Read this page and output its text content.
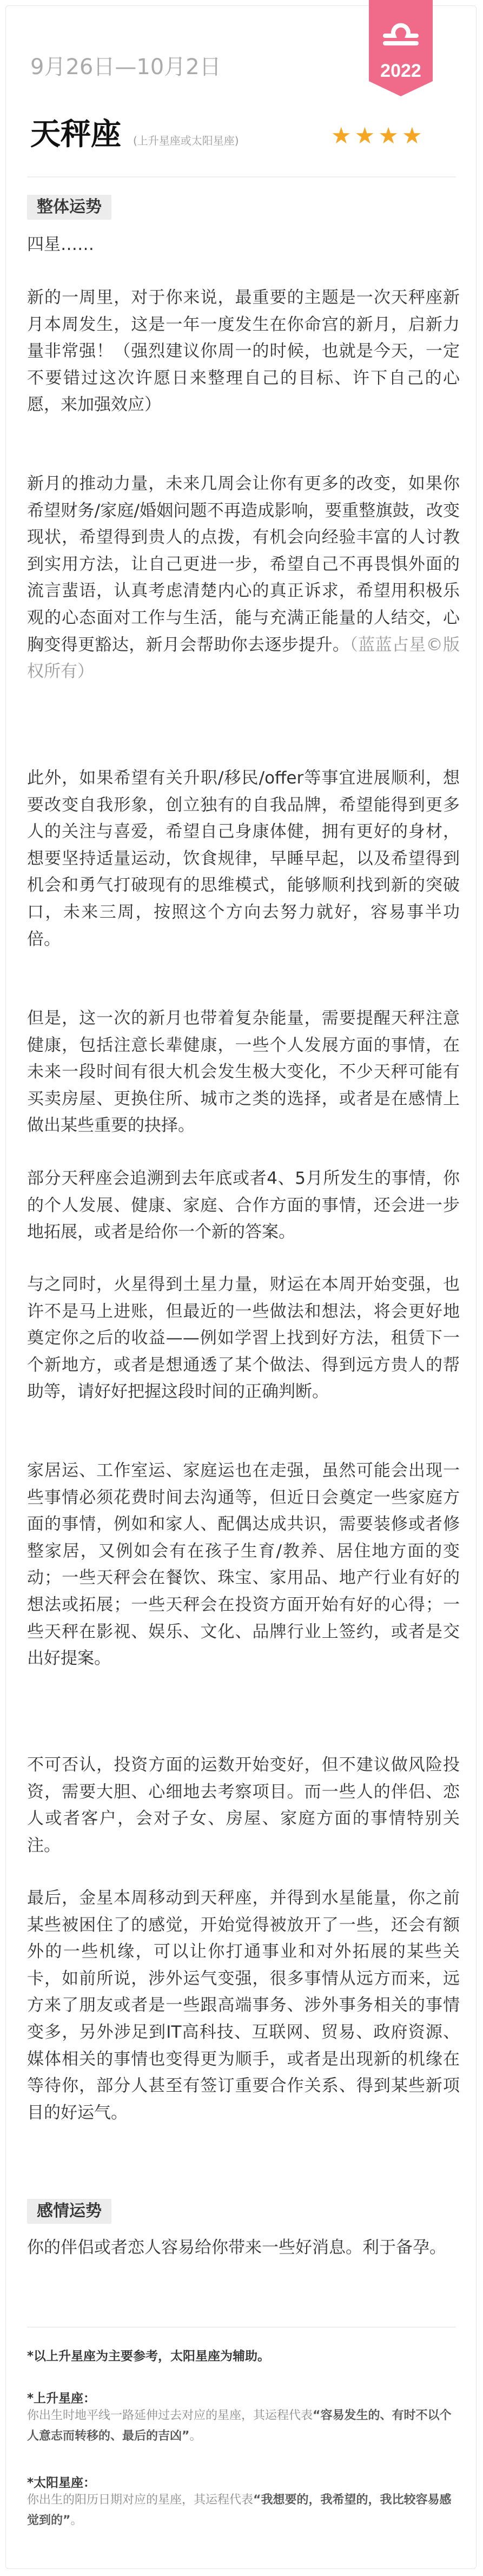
2022
9月26日—10月2日
天秤座 (上升星座或太阳星座)	★★★★
整体运势
四星……
新的一周里，对于你来说，最重要的主题是一次天秤座新月本周发生，这是一年一度发生在你命宫的新月，启新力量非常强！（强烈建议你周一的时候，也就是今天，一定不要错过这次许愿日来整理自己的目标、许下自己的心愿，来加强效应）
新月的推动力量，未来几周会让你有更多的改变，如果你希望财务/家庭/婚姻问题不再造成影响，要重整旗鼓，改变现状，希望得到贵人的点拨，有机会向经验丰富的人讨教到实用方法，让自己更进一步，希望自己不再畏惧外面的流言蜚语，认真考虑清楚内心的真正诉求，希望用积极乐观的心态面对工作与生活，能与充满正能量的人结交，心胸变得更豁达，新月会帮助你去逐步提升。（蓝蓝占星©版权所有）
此外，如果希望有关升职/移民/offer等事宜进展顺利，想要改变自我形象，创立独有的自我品牌，希望能得到更多人的关注与喜爱，希望自己身康体健，拥有更好的身材，想要坚持适量运动，饮食规律，早睡早起，以及希望得到机会和勇气打破现有的思维模式，能够顺利找到新的突破口，未来三周，按照这个方向去努力就好，容易事半功倍。
但是，这一次的新月也带着复杂能量，需要提醒天秤注意健康，包括注意长辈健康，一些个人发展方面的事情，在未来一段时间有很大机会发生极大变化，不少天秤可能有买卖房屋、更换住所、城市之类的选择，或者是在感情上做出某些重要的抉择。
部分天秤座会追溯到去年底或者4、5月所发生的事情，你的个人发展、健康、家庭、合作方面的事情，还会进一步地拓展，或者是给你一个新的答案。
与之同时，火星得到土星力量，财运在本周开始变强，也许不是马上进账，但最近的一些做法和想法，将会更好地奠定你之后的收益——例如学習上找到好方法，租赁下一个新地方，或者是想通透了某个做法、得到远方贵人的帮助等，请好好把握这段时间的正确判断。
家居运、工作室运、家庭运也在走强，虽然可能会出现一些事情必须花费时间去沟通等，但近日会奠定一些家庭方面的事情，例如和家人、配偶达成共识，需要装修或者修整家居，又例如会有在孩子生育/教养、居住地方面的变动；一些天秤会在餐饮、珠宝、家用品、地产行业有好的想法或拓展；一些天秤会在投资方面开始有好的心得；一些天秤在影视、娱乐、文化、品牌行业上签约，或者是交出好提案。
不可否认，投资方面的运数开始变好，但不建议做风险投资，需要大胆、心细地去考察项目。而一些人的伴侣、恋人或者客户，会对子女、房屋、家庭方面的事情特别关注。
最后，金星本周移动到天秤座，并得到水星能量，你之前某些被困住了的感觉，开始觉得被放开了一些，还会有额外的一些机缘，可以让你打通事业和对外拓展的某些关卡，如前所说，涉外运气变强，很多事情从远方而来，远方来了朋友或者是一些跟高端事务、涉外事务相关的事情变多，另外涉足到IT高科技、互联网、贸易、政府资源、媒体相关的事情也变得更为顺手，或者是出现新的机缘在等待你，部分人甚至有签订重要合作关系、得到某些新项目的好运气。
感情运势
你的伴侣或者恋人容易给你带来一些好消息。利于备孕。
*以上升星座为主要参考，太阳星座为辅助。
*上升星座：
你出生时地平线一路延伸过去对应的星座，其运程代表“容易发生的、有时不以个人意志而转移的、最后的吉凶”。
*太阳星座：
你出生的阳历日期对应的星座，其运程代表“我想要的，我希望的，我比较容易感觉到的”。
